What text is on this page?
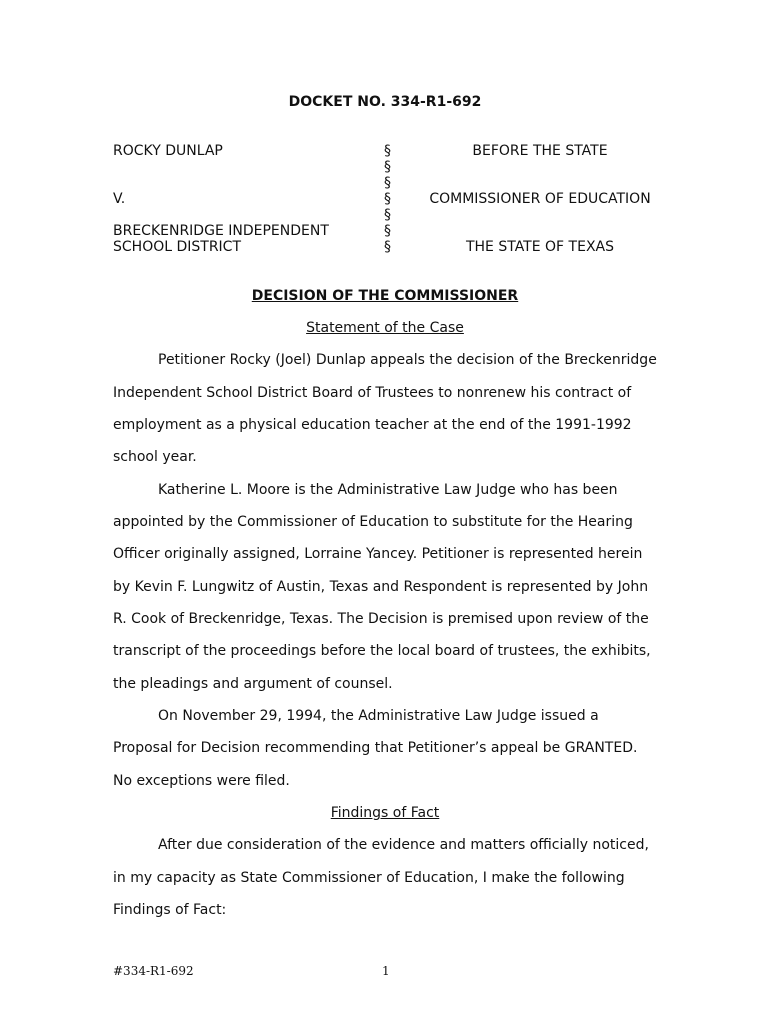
DOCKET NO. 334-R1-692
ROCKY DUNLAP
V.
BRECKENRIDGE INDEPENDENT
SCHOOL DISTRICT
§
§
§
§
§
§
§
BEFORE THE STATE
COMMISSIONER OF EDUCATION
THE STATE OF TEXAS
DECISION OF THE COMMISSIONER
Statement of the Case
Petitioner Rocky (Joel) Dunlap appeals the decision of the Breckenridge
Independent School District Board of Trustees to nonrenew his contract of
employment as a physical education teacher at the end of the 1991-1992
school year.
Katherine L. Moore is the Administrative Law Judge who has been
appointed by the Commissioner of Education to substitute for the Hearing
Officer originally assigned, Lorraine Yancey. Petitioner is represented herein
by Kevin F. Lungwitz of Austin, Texas and Respondent is represented by John
R. Cook of Breckenridge, Texas. The Decision is premised upon review of the
transcript of the proceedings before the local board of trustees, the exhibits,
the pleadings and argument of counsel.
On November 29, 1994, the Administrative Law Judge issued a
Proposal for Decision recommending that Petitioner’s appeal be GRANTED.
No exceptions were filed.
Findings of Fact
After due consideration of the evidence and matters officially noticed,
in my capacity as State Commissioner of Education, I make the following
Findings of Fact:
#334-R1-692	1
